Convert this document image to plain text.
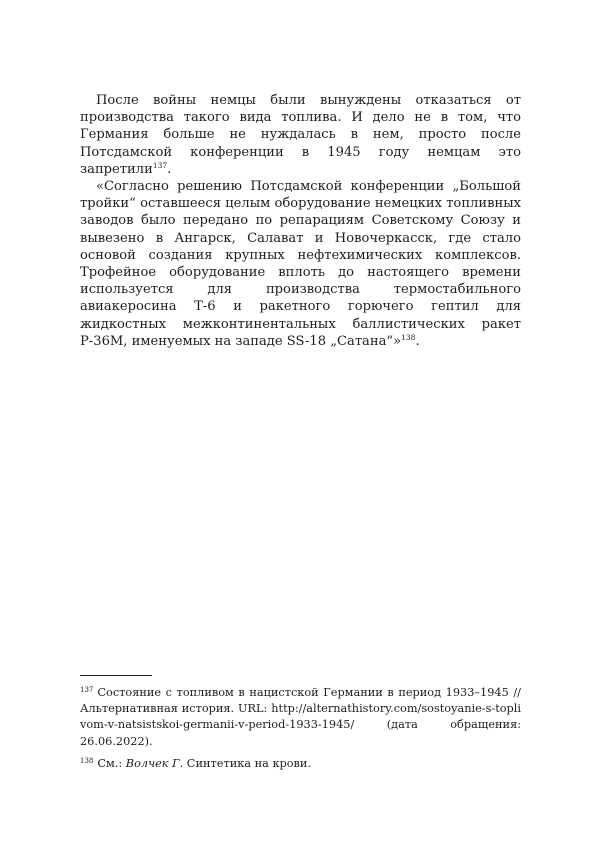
После войны немцы были вынуждены отказаться от производства такого вида топлива. И дело не в том, что Германия больше не нуждалась в нем, просто после Потсдамской конференции в 1945 году немцам это запретили$^{137}$.

«Согласно решению Потсдамской конференции „Большой тройки“ оставшееся целым оборудование немецких топливных заводов было передано по репарациям Советскому Союзу и вывезено в Ангарск, Салават и Новочеркасск, где стало основой создания крупных нефтехимических комплексов. Трофейное оборудование вплоть до настоящего времени используется для производства термостабильного авиакеросина Т-6 и ракетного горючего гептил для жидкостных межконтинентальных баллистических ракет Р-36М, именуемых на западе SS-18 „Сатана“»$^{138}$.

$^{137}$ Состояние с топливом в нацистской Германии в период 1933–1945 // Альтернативная история. URL: http://alternathistory.com/sostoyanie-s-toplivom-v-natsistskoi-germanii-v-period-1933-1945/ (дата обращения: 26.06.2022).

$^{138}$ См.: Волчек Г. Синтетика на крови.
